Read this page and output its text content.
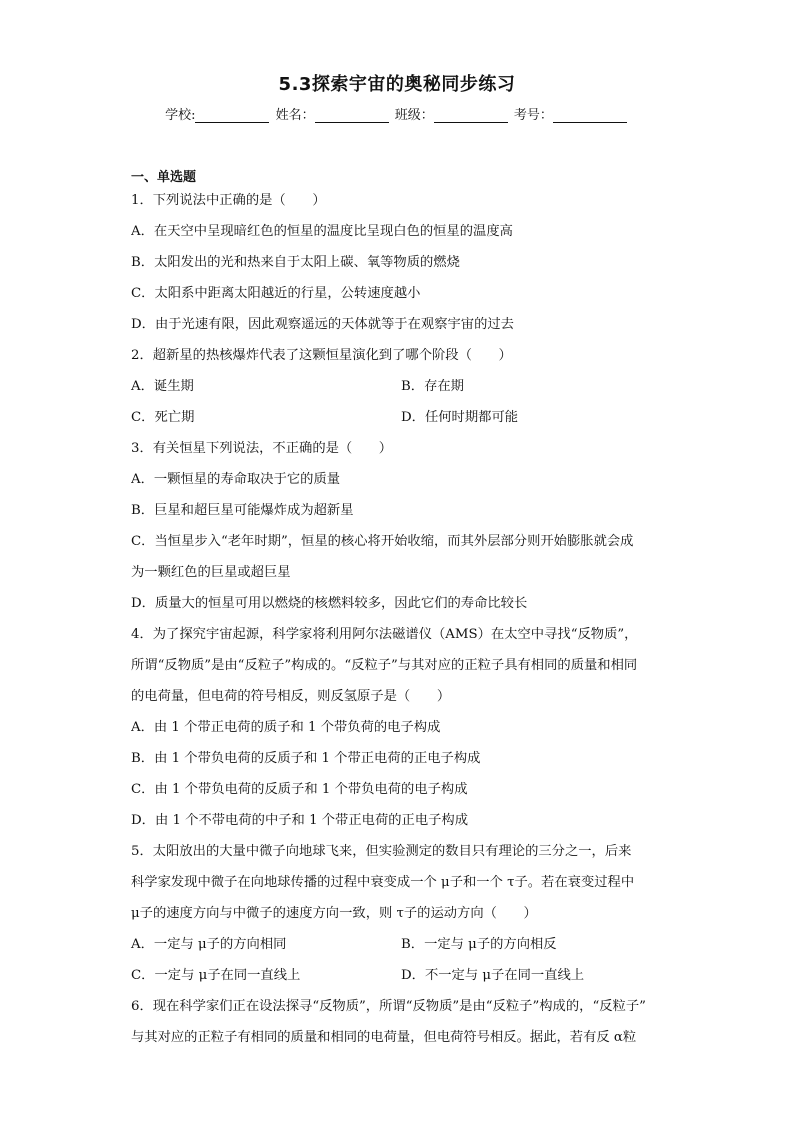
5.3探索宇宙的奥秘同步练习
学校:	姓名：	班级：	考号：
一、单选题
1．下列说法中正确的是（　　）
A．在天空中呈现暗红色的恒星的温度比呈现白色的恒星的温度高
B．太阳发出的光和热来自于太阳上碳、氧等物质的燃烧
C．太阳系中距离太阳越近的行星，公转速度越小
D．由于光速有限，因此观察遥远的天体就等于在观察宇宙的过去
2．超新星的热核爆炸代表了这颗恒星演化到了哪个阶段（　　）
A．诞生期	B．存在期
C．死亡期	D．任何时期都可能
3．有关恒星下列说法，不正确的是（　　）
A．一颗恒星的寿命取决于它的质量
B．巨星和超巨星可能爆炸成为超新星
C．当恒星步入“老年时期”，恒星的核心将开始收缩，而其外层部分则开始膨胀就会成
为一颗红色的巨星或超巨星
D．质量大的恒星可用以燃烧的核燃料较多，因此它们的寿命比较长
4．为了探究宇宙起源，科学家将利用阿尔法磁谱仪（AMS）在太空中寻找“反物质”，
所谓“反物质”是由“反粒子”构成的。“反粒子”与其对应的正粒子具有相同的质量和相同
的电荷量，但电荷的符号相反，则反氢原子是（　　）
A．由 1 个带正电荷的质子和 1 个带负荷的电子构成
B．由 1 个带负电荷的反质子和 1 个带正电荷的正电子构成
C．由 1 个带负电荷的反质子和 1 个带负电荷的电子构成
D．由 1 个不带电荷的中子和 1 个带正电荷的正电子构成
5．太阳放出的大量中微子向地球飞来，但实验测定的数目只有理论的三分之一，后来
科学家发现中微子在向地球传播的过程中衰变成一个 μ子和一个 τ子。若在衰变过程中
μ子的速度方向与中微子的速度方向一致，则 τ子的运动方向（　　）
A．一定与 μ子的方向相同	B．一定与 μ子的方向相反
C．一定与 μ子在同一直线上	D．不一定与 μ子在同一直线上
6．现在科学家们正在设法探寻“反物质”，所谓“反物质”是由“反粒子”构成的，“反粒子”
与其对应的正粒子有相同的质量和相同的电荷量，但电荷符号相反。据此，若有反 α粒
